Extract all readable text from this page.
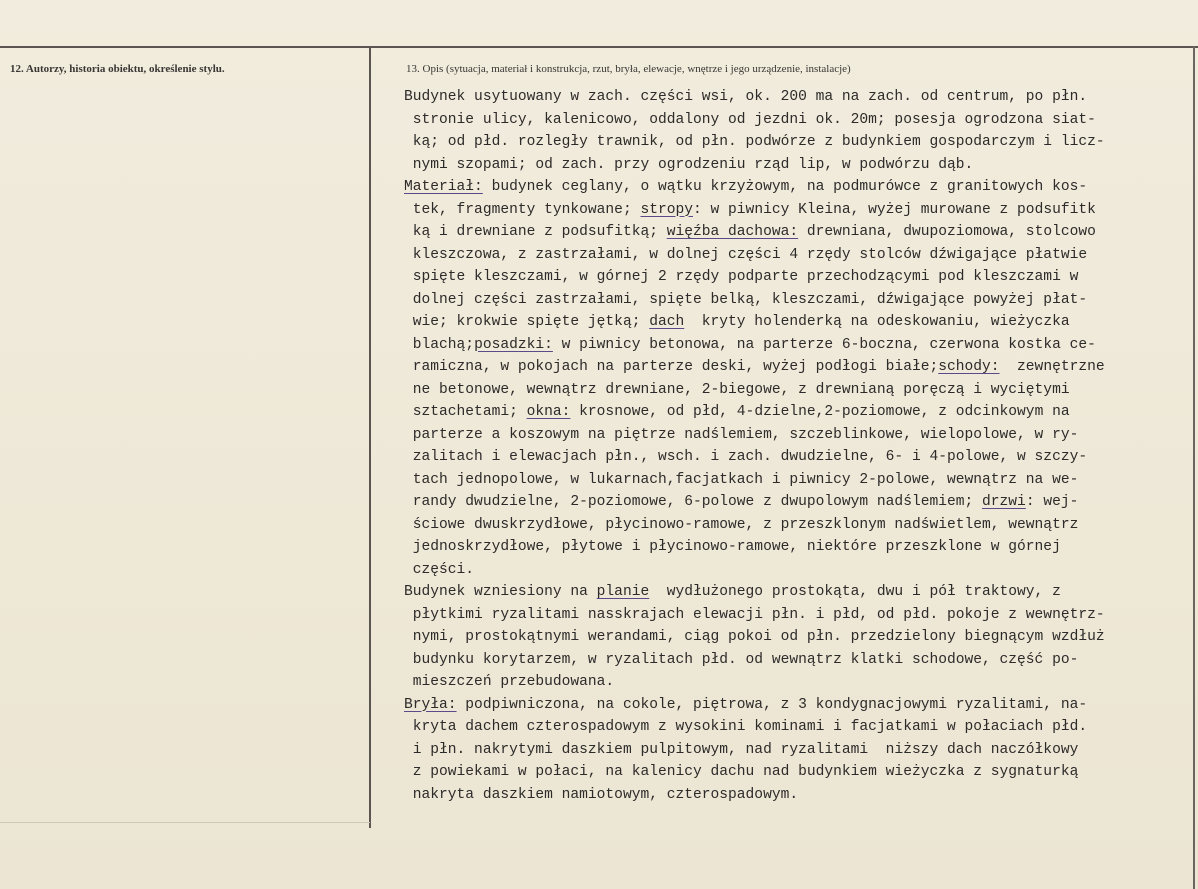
12. Autorzy, historia obiektu, określenie stylu.	13. Opis (sytuacja, materiał i konstrukcja, rzut, bryła, elewacje, wnętrze i jego urządzenie, instalacje)
Budynek usytuowany w zach. części wsi, ok. 200 ma na zach. od centrum, po płn.
stronie ulicy, kalenicowo, oddalony od jezdni ok. 20m; posesja ogrodzona siat-
ką; od płd. rozległy trawnik, od płn. podwórze z budynkiem gospodarczym i licz-
nymi szopami; od zach. przy ogrodzeniu rząd lip, w podwórzu dąb.
Materiał: budynek ceglany, o wątku krzyżowym, na podmurówce z granitowych kos-
tek, fragmenty tynkowane; stropy: w piwnicy Kleina, wyżej murowane z podsufitk
ką i drewniane z podsufitką; więźba dachowa: drewniana, dwupoziomowa, stolcowo
kleszczowa, z zastrzałami, w dolnej części 4 rzędy stolców dźwigające płatwie
spięte kleszczami, w górnej 2 rzędy podparte przechodzącymi pod kleszczami w
dolnej części zastrzałami, spięte belką, kleszczami, dźwigające powyżej płat-
wie; krokwie spięte jętką; dach  kryty holenderką na odeskowaniu, wieżyczka
blachą;posadzki: w piwnicy betonowa, na parterze 6-boczna, czerwona kostka ce-
ramiczna, w pokojach na parterze deski, wyżej podłogi białe;schody:  zewnętrzne
ne betonowe, wewnątrz drewniane, 2-biegowe, z drewnianą poręczą i wyciętymi
sztachetami; okna: krosnowe, od płd, 4-dzielne,2-poziomowe, z odcinkowym na
parterze a koszowym na piętrze nadślemiem, szczeblinkowe, wielopolowe, w ry-
zalitach i elewacjach płn., wsch. i zach. dwudzielne, 6- i 4-polowe, w szczy-
tach jednopolowe, w lukarnach,facjatkach i piwnicy 2-polowe, wewnątrz na we-
randy dwudzielne, 2-poziomowe, 6-polowe z dwupolowym nadślemiem; drzwi: wej-
ściowe dwuskrzydłowe, płycinowo-ramowe, z przeszklonym nadświetlem, wewnątrz
jednoskrzydłowe, płytowe i płycinowo-ramowe, niektóre przeszklone w górnej
części.
Budynek wzniesiony na planie  wydłużonego prostokąta, dwu i pół traktowy, z
płytkimi ryzalitami nasskrajach elewacji płn. i płd, od płd. pokoje z wewnętrz-
nymi, prostokątnymi werandami, ciąg pokoi od płn. przedzielony biegnącym wzdłuż
budynku korytarzem, w ryzalitach płd. od wewnątrz klatki schodowe, część po-
mieszczeń przebudowana.
Bryła: podpiwniczona, na cokole, piętrowa, z 3 kondygnacjowymi ryzalitami, na-
kryta dachem czterospadowym z wysokini kominami i facjatkami w połaciach płd.
i płn. nakrytymi daszkiem pulpitowym, nad ryzalitami  niższy dach naczółkowy
z powiekami w połaci, na kalenicy dachu nad budynkiem wieżyczka z sygnaturką
nakryta daszkiem namiotowym, czterospadowym.
